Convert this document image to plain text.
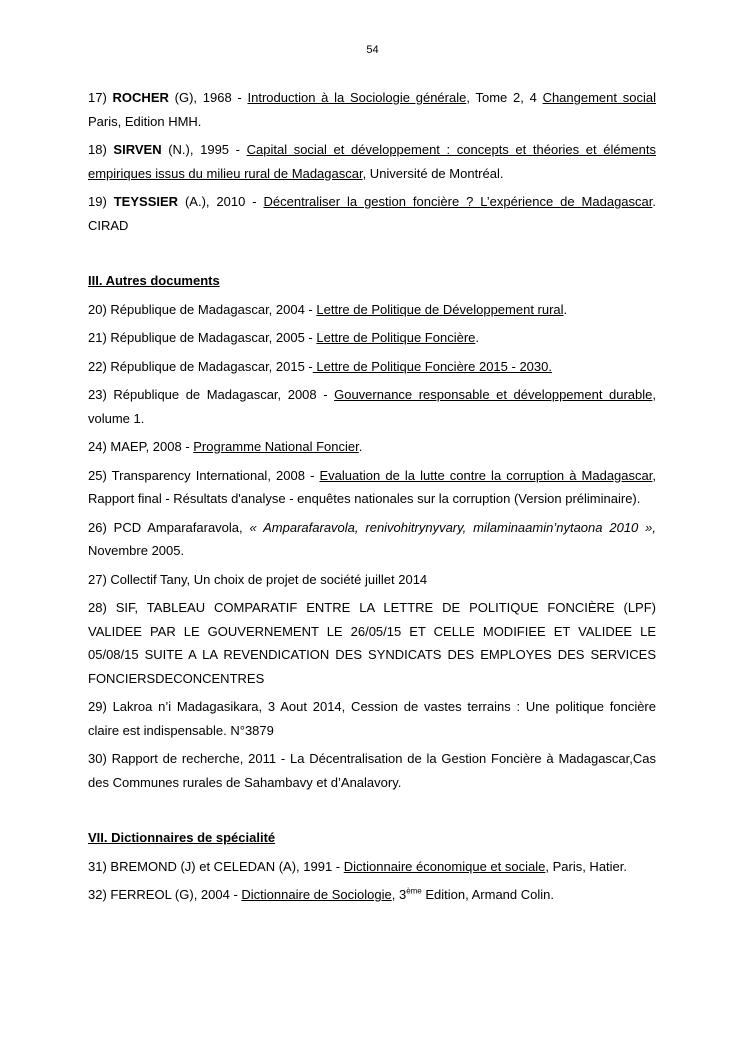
54

17) ROCHER (G), 1968 - Introduction à la Sociologie générale, Tome 2, 4 Changement social Paris, Edition HMH.

18) SIRVEN (N.), 1995 - Capital social et développement : concepts et théories et éléments empiriques issus du milieu rural de Madagascar, Université de Montréal.

19) TEYSSIER (A.), 2010 - Décentraliser la gestion foncière ? L’expérience de Madagascar. CIRAD

III. Autres documents

20) République de Madagascar, 2004 - Lettre de Politique de Développement rural.

21) République de Madagascar, 2005 - Lettre de Politique Foncière.

22) République de Madagascar, 2015 - Lettre de Politique Foncière 2015 - 2030.

23) République de Madagascar, 2008 - Gouvernance responsable et développement durable, volume 1.

24) MAEP, 2008 - Programme National Foncier.

25) Transparency International, 2008 - Evaluation de la lutte contre la corruption à Madagascar, Rapport final - Résultats d'analyse - enquêtes nationales sur la corruption (Version préliminaire).

26) PCD Amparafaravola, « Amparafaravola, renivohitrynyvary, milaminaamin’nytaona 2010 », Novembre 2005.

27) Collectif Tany, Un choix de projet de société juillet 2014

28) SIF, TABLEAU COMPARATIF ENTRE LA LETTRE DE POLITIQUE FONCIÈRE (LPF) VALIDEE PAR LE GOUVERNEMENT LE 26/05/15 ET CELLE MODIFIEE ET VALIDEE LE 05/08/15 SUITE A LA REVENDICATION DES SYNDICATS DES EMPLOYES DES SERVICES FONCIERSDECONCENTRES

29) Lakroa n’i Madagasikara, 3 Aout 2014, Cession de vastes terrains : Une politique foncière claire est indispensable. N°3879

30) Rapport de recherche, 2011 - La Décentralisation de la Gestion Foncière à Madagascar,Cas des Communes rurales de Sahambavy et d’Analavory.

VII. Dictionnaires de spécialité

31) BREMOND (J) et CELEDAN (A), 1991 - Dictionnaire économique et sociale, Paris, Hatier.

32) FERREOL (G), 2004 - Dictionnaire de Sociologie, 3ème Edition, Armand Colin.
